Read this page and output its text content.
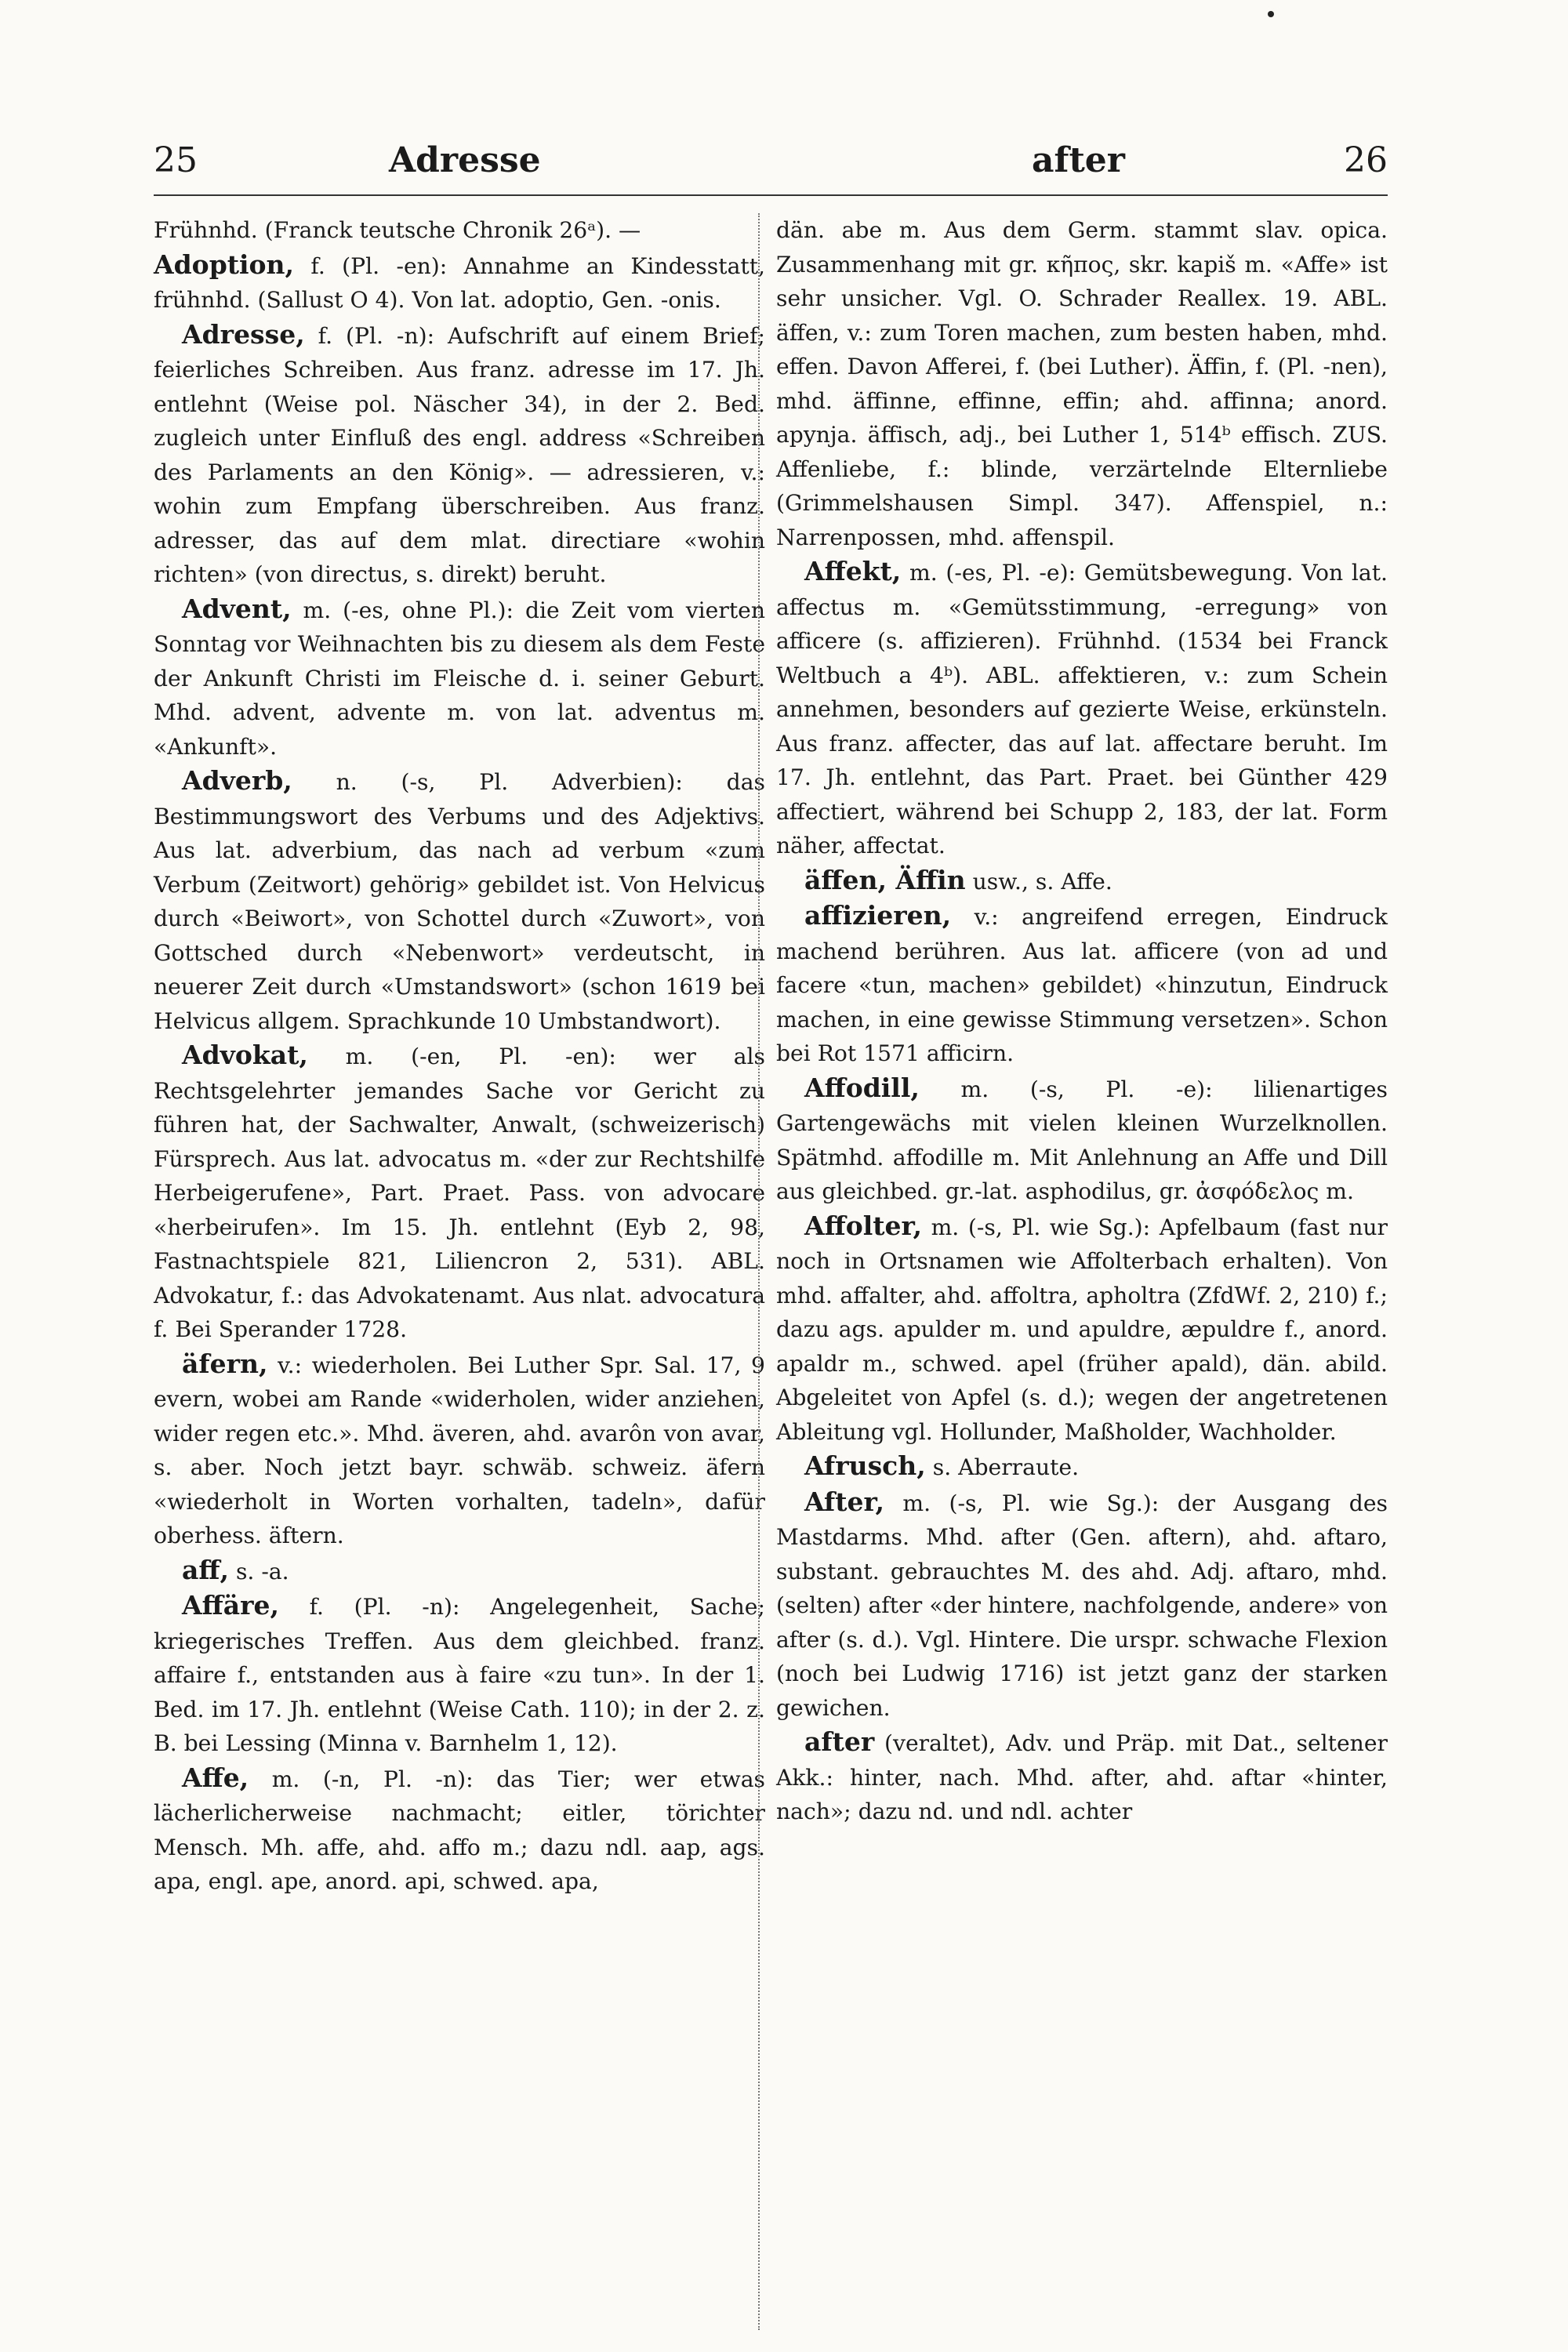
25	Adresse	after	26

Frühnhd. (Franck teutsche Chronik 26ᵃ). —

Adoption, f. (Pl. -en): Annahme an Kindesstatt, frühnhd. (Sallust O 4). Von lat. adoptio, Gen. -onis.

Adresse, f. (Pl. -n): Aufschrift auf einem Brief; feierliches Schreiben. Aus franz. adresse im 17. Jh. entlehnt (Weise pol. Näscher 34), in der 2. Bed. zugleich unter Einfluß des engl. address «Schreiben des Parlaments an den König». — adressieren, v.: wohin zum Empfang überschreiben. Aus franz. adresser, das auf dem mlat. directiare «wohin richten» (von directus, s. direkt) beruht.

Advent, m. (-es, ohne Pl.): die Zeit vom vierten Sonntag vor Weihnachten bis zu diesem als dem Feste der Ankunft Christi im Fleische d. i. seiner Geburt. Mhd. advent, advente m. von lat. adventus m. «Ankunft».

Adverb, n. (-s, Pl. Adverbien): das Bestimmungswort des Verbums und des Adjektivs. Aus lat. adverbium, das nach ad verbum «zum Verbum (Zeitwort) gehörig» gebildet ist. Von Helvicus durch «Beiwort», von Schottel durch «Zuwort», von Gottsched durch «Nebenwort» verdeutscht, in neuerer Zeit durch «Umstandswort» (schon 1619 bei Helvicus allgem. Sprachkunde 10 Umbstandwort).

Advokat, m. (-en, Pl. -en): wer als Rechtsgelehrter jemandes Sache vor Gericht zu führen hat, der Sachwalter, Anwalt, (schweizerisch) Fürsprech. Aus lat. advocatus m. «der zur Rechtshilfe Herbeigerufene», Part. Praet. Pass. von advocare «herbeirufen». Im 15. Jh. entlehnt (Eyb 2, 98, Fastnachtspiele 821, Liliencron 2, 531). ABL. Advokatur, f.: das Advokatenamt. Aus nlat. advocatura f. Bei Sperander 1728.

äfern, v.: wiederholen. Bei Luther Spr. Sal. 17, 9 evern, wobei am Rande «widerholen, wider anziehen, wider regen etc.». Mhd. äveren, ahd. avarôn von avar, s. aber. Noch jetzt bayr. schwäb. schweiz. äfern «wiederholt in Worten vorhalten, tadeln», dafür oberhess. äftern.

aff, s. -a.

Affäre, f. (Pl. -n): Angelegenheit, Sache; kriegerisches Treffen. Aus dem gleichbed. franz. affaire f., entstanden aus à faire «zu tun». In der 1. Bed. im 17. Jh. entlehnt (Weise Cath. 110); in der 2. z. B. bei Lessing (Minna v. Barnhelm 1, 12).

Affe, m. (-n, Pl. -n): das Tier; wer etwas lächerlicherweise nachmacht; eitler, törichter Mensch. Mh. affe, ahd. affo m.; dazu ndl. aap, ags. apa, engl. ape, anord. api, schwed. apa,

dän. abe m. Aus dem Germ. stammt slav. opica. Zusammenhang mit gr. κῆπος, skr. kapiš m. «Affe» ist sehr unsicher. Vgl. O. Schrader Reallex. 19. ABL. äffen, v.: zum Toren machen, zum besten haben, mhd. effen. Davon Afferei, f. (bei Luther). Äffin, f. (Pl. -nen), mhd. äffinne, effinne, effin; ahd. affinna; anord. apynja. äffisch, adj., bei Luther 1, 514ᵇ effisch. ZUS. Affenliebe, f.: blinde, verzärtelnde Elternliebe (Grimmelshausen Simpl. 347). Affenspiel, n.: Narrenpossen, mhd. affenspil.

Affekt, m. (-es, Pl. -e): Gemütsbewegung. Von lat. affectus m. «Gemütsstimmung, -erregung» von afficere (s. affizieren). Frühnhd. (1534 bei Franck Weltbuch a 4ᵇ). ABL. affektieren, v.: zum Schein annehmen, besonders auf gezierte Weise, erkünsteln. Aus franz. affecter, das auf lat. affectare beruht. Im 17. Jh. entlehnt, das Part. Praet. bei Günther 429 affectiert, während bei Schupp 2, 183, der lat. Form näher, affectat.

äffen, Äffin usw., s. Affe.

affizieren, v.: angreifend erregen, Eindruck machend berühren. Aus lat. afficere (von ad und facere «tun, machen» gebildet) «hinzutun, Eindruck machen, in eine gewisse Stimmung versetzen». Schon bei Rot 1571 afficirn.

Affodill, m. (-s, Pl. -e): lilienartiges Gartengewächs mit vielen kleinen Wurzelknollen. Spätmhd. affodille m. Mit Anlehnung an Affe und Dill aus gleichbed. gr.-lat. asphodilus, gr. ἀσφόδελος m.

Affolter, m. (-s, Pl. wie Sg.): Apfelbaum (fast nur noch in Ortsnamen wie Affolterbach erhalten). Von mhd. affalter, ahd. affoltra, apholtra (ZfdWf. 2, 210) f.; dazu ags. apulder m. und apuldre, æpuldre f., anord. apaldr m., schwed. apel (früher apald), dän. abild. Abgeleitet von Apfel (s. d.); wegen der angetretenen Ableitung vgl. Hollunder, Maßholder, Wachholder.

Afrusch, s. Aberraute.

After, m. (-s, Pl. wie Sg.): der Ausgang des Mastdarms. Mhd. after (Gen. aftern), ahd. aftaro, substant. gebrauchtes M. des ahd. Adj. aftaro, mhd. (selten) after «der hintere, nachfolgende, andere» von after (s. d.). Vgl. Hintere. Die urspr. schwache Flexion (noch bei Ludwig 1716) ist jetzt ganz der starken gewichen.

after (veraltet), Adv. und Präp. mit Dat., seltener Akk.: hinter, nach. Mhd. after, ahd. aftar «hinter, nach»; dazu nd. und ndl. achter
